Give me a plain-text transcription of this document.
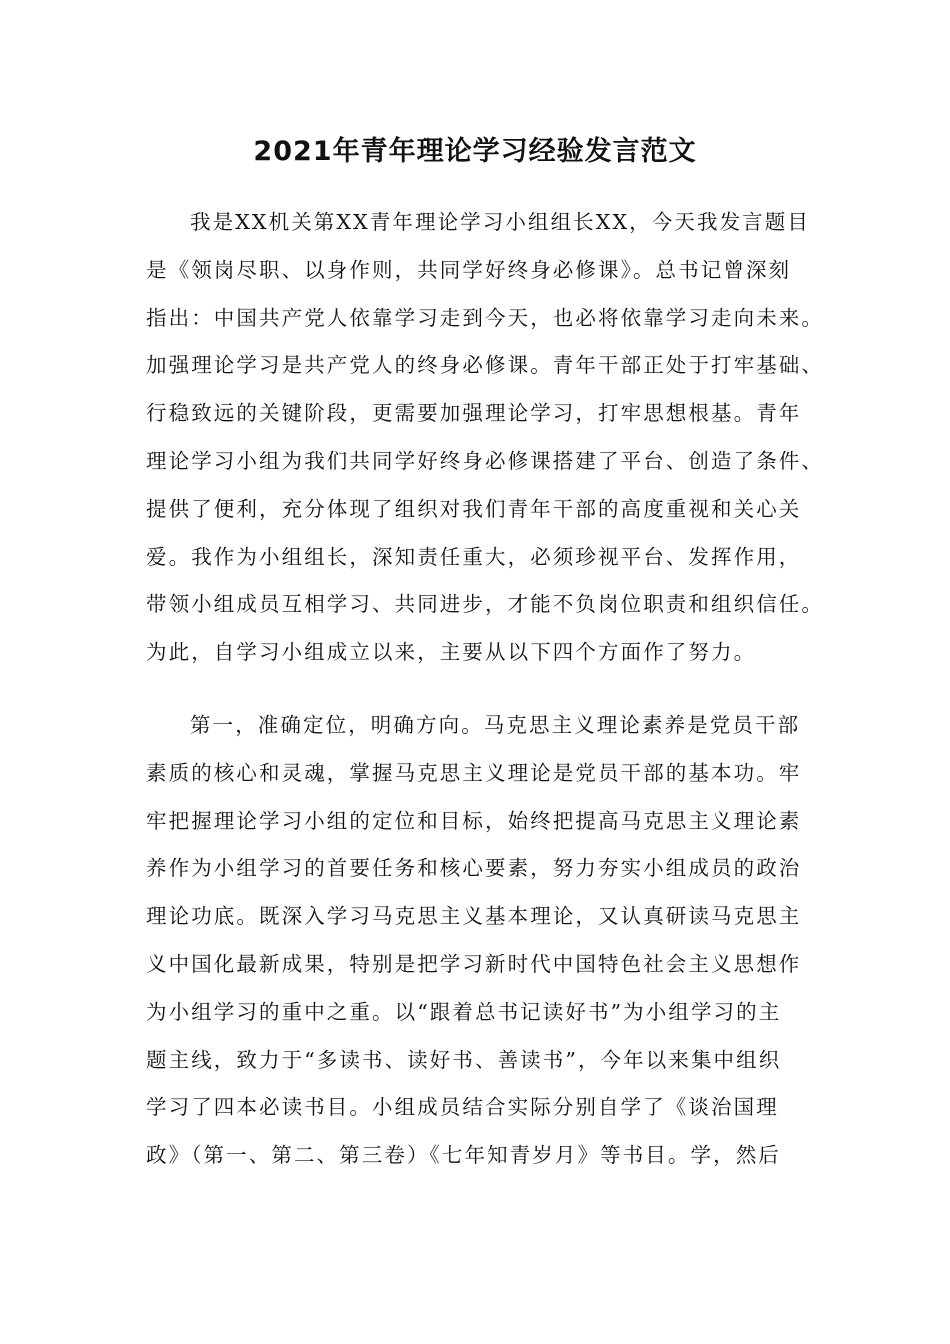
2021年青年理论学习经验发言范文

我是XX机关第XX青年理论学习小组组长XX，今天我发言题目
是《领岗尽职、以身作则，共同学好终身必修课》。总书记曾深刻
指出：中国共产党人依靠学习走到今天，也必将依靠学习走向未来。
加强理论学习是共产党人的终身必修课。青年干部正处于打牢基础、
行稳致远的关键阶段，更需要加强理论学习，打牢思想根基。青年
理论学习小组为我们共同学好终身必修课搭建了平台、创造了条件、
提供了便利，充分体现了组织对我们青年干部的高度重视和关心关
爱。我作为小组组长，深知责任重大，必须珍视平台、发挥作用，
带领小组成员互相学习、共同进步，才能不负岗位职责和组织信任。
为此，自学习小组成立以来，主要从以下四个方面作了努力。

第一，准确定位，明确方向。马克思主义理论素养是党员干部
素质的核心和灵魂，掌握马克思主义理论是党员干部的基本功。牢
牢把握理论学习小组的定位和目标，始终把提高马克思主义理论素
养作为小组学习的首要任务和核心要素，努力夯实小组成员的政治
理论功底。既深入学习马克思主义基本理论，又认真研读马克思主
义中国化最新成果，特别是把学习新时代中国特色社会主义思想作
为小组学习的重中之重。以“跟着总书记读好书”为小组学习的主
题主线，致力于“多读书、读好书、善读书”，今年以来集中组织
学习了四本必读书目。小组成员结合实际分别自学了《谈治国理
政》（第一、第二、第三卷）《七年知青岁月》等书目。学，然后
